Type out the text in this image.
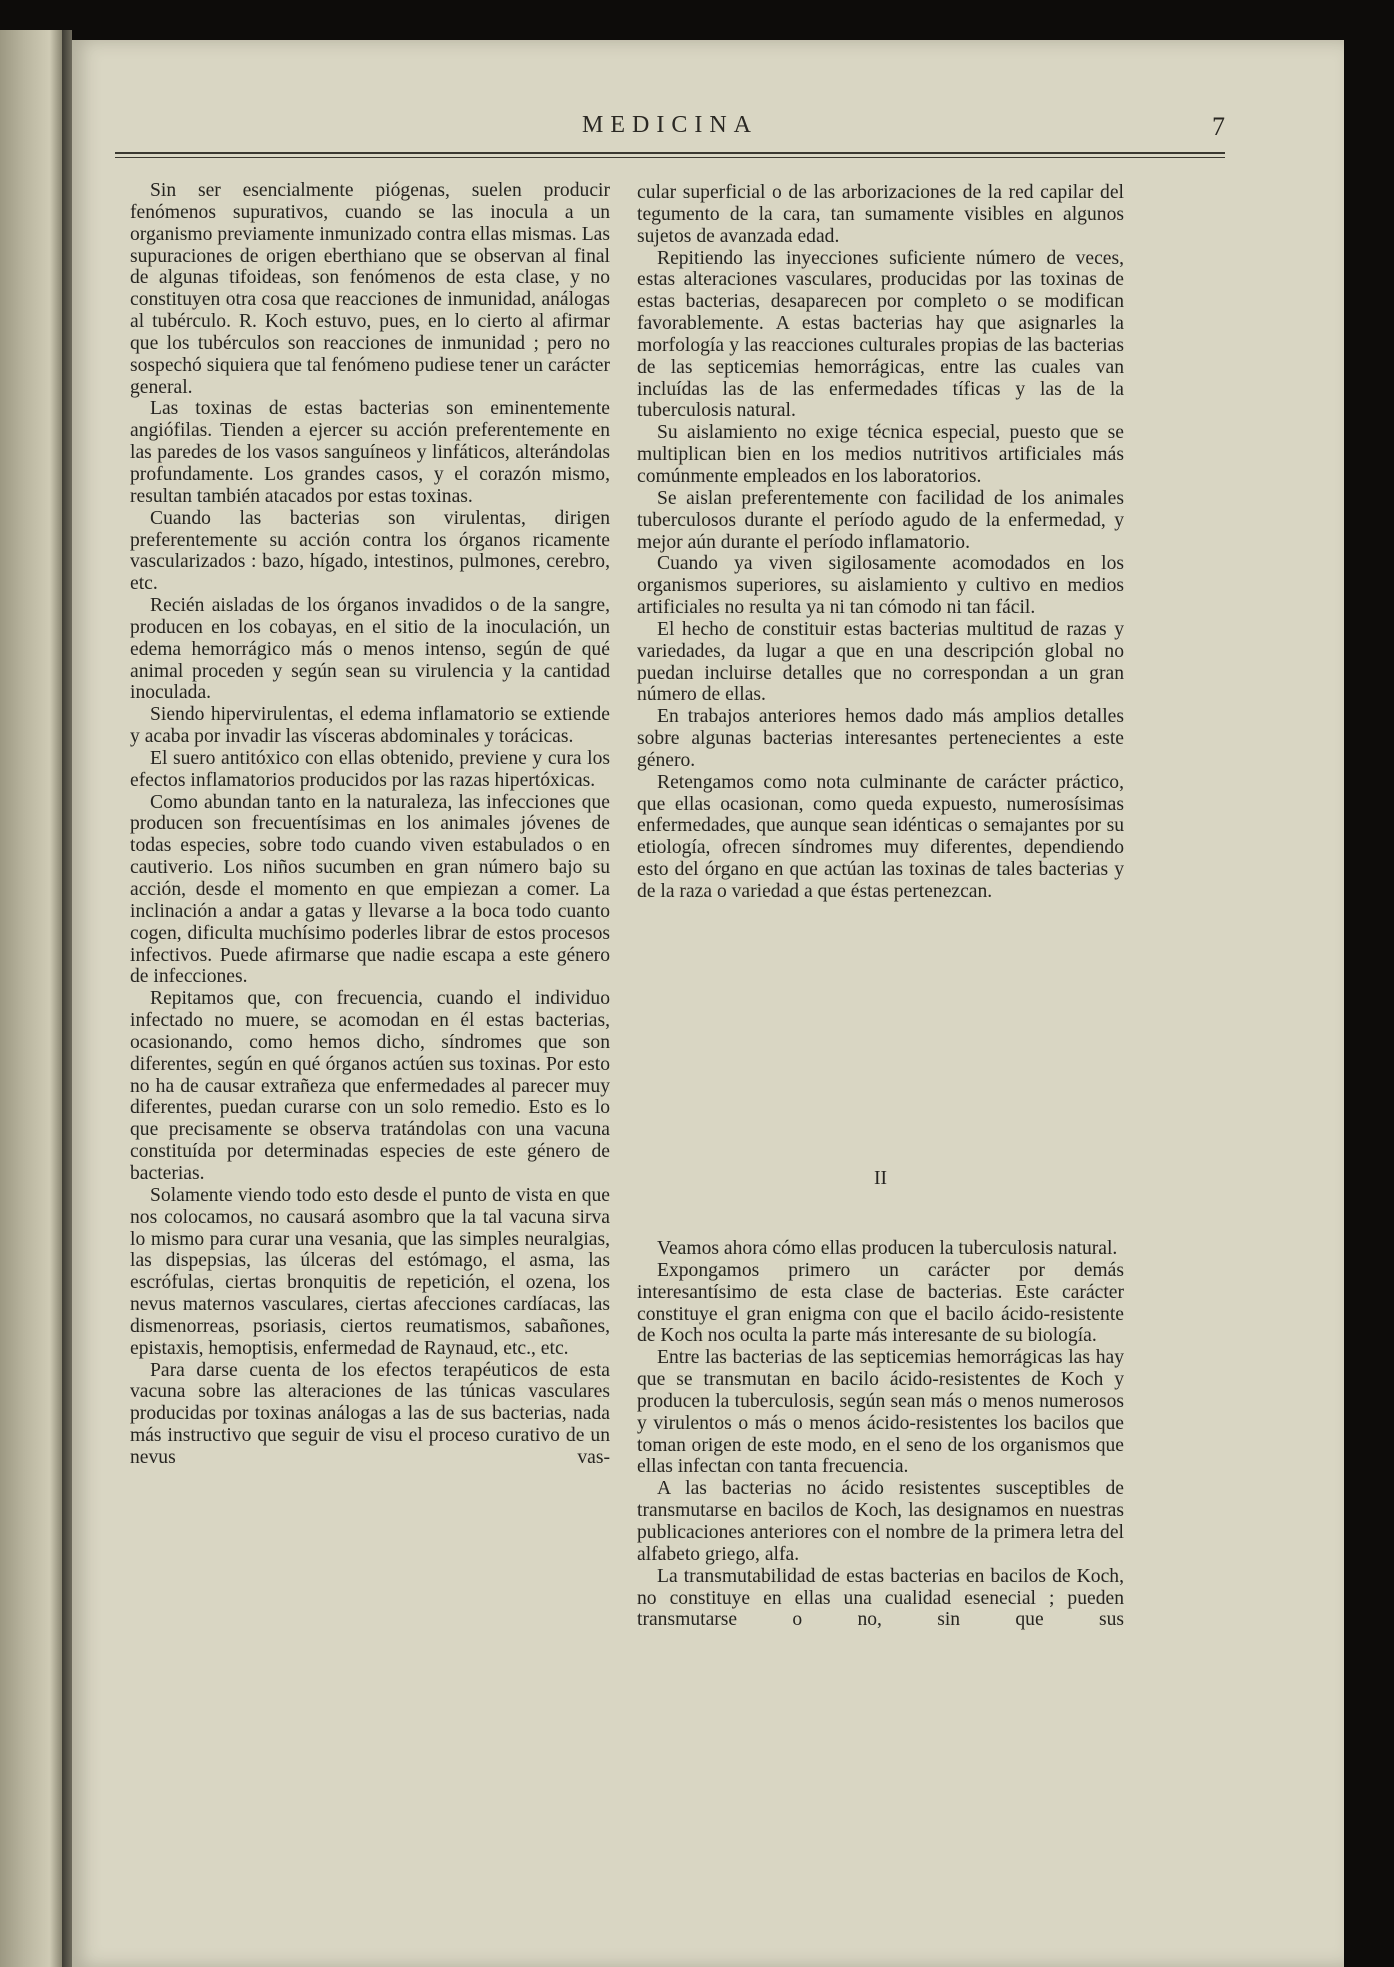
MEDICINA	7

Sin ser esencialmente piógenas, suelen producir fenómenos supurativos, cuando se las inocula a un organismo previamente inmunizado contra ellas mismas. Las supuraciones de origen eberthiano que se observan al final de algunas tifoideas, son fenómenos de esta clase, y no constituyen otra cosa que reacciones de inmunidad, análogas al tubérculo. R. Koch estuvo, pues, en lo cierto al afirmar que los tubérculos son reacciones de inmunidad ; pero no sospechó siquiera que tal fenómeno pudiese tener un carácter general.

Las toxinas de estas bacterias son eminentemente angiófilas. Tienden a ejercer su acción preferentemente en las paredes de los vasos sanguíneos y linfáticos, alterándolas profundamente. Los grandes casos, y el corazón mismo, resultan también atacados por estas toxinas.

Cuando las bacterias son virulentas, dirigen preferentemente su acción contra los órganos ricamente vascularizados : bazo, hígado, intestinos, pulmones, cerebro, etc.

Recién aisladas de los órganos invadidos o de la sangre, producen en los cobayas, en el sitio de la inoculación, un edema hemorrágico más o menos intenso, según de qué animal proceden y según sean su virulencia y la cantidad inoculada.

Siendo hipervirulentas, el edema inflamatorio se extiende y acaba por invadir las vísceras abdominales y torácicas.

El suero antitóxico con ellas obtenido, previene y cura los efectos inflamatorios producidos por las razas hipertóxicas.

Como abundan tanto en la naturaleza, las infecciones que producen son frecuentísimas en los animales jóvenes de todas especies, sobre todo cuando viven estabulados o en cautiverio. Los niños sucumben en gran número bajo su acción, desde el momento en que empiezan a comer. La inclinación a andar a gatas y llevarse a la boca todo cuanto cogen, dificulta muchísimo poderles librar de estos procesos infectivos. Puede afirmarse que nadie escapa a este género de infecciones.

Repitamos que, con frecuencia, cuando el individuo infectado no muere, se acomodan en él estas bacterias, ocasionando, como hemos dicho, síndromes que son diferentes, según en qué órganos actúen sus toxinas. Por esto no ha de causar extrañeza que enfermedades al parecer muy diferentes, puedan curarse con un solo remedio. Esto es lo que precisamente se observa tratándolas con una vacuna constituída por determinadas especies de este género de bacterias.

Solamente viendo todo esto desde el punto de vista en que nos colocamos, no causará asombro que la tal vacuna sirva lo mismo para curar una vesania, que las simples neuralgias, las dispepsias, las úlceras del estómago, el asma, las escrófulas, ciertas bronquitis de repetición, el ozena, los nevus maternos vasculares, ciertas afecciones cardíacas, las dismenorreas, psoriasis, ciertos reumatismos, sabañones, epistaxis, hemoptisis, enfermedad de Raynaud, etc., etc.

Para darse cuenta de los efectos terapéuticos de esta vacuna sobre las alteraciones de las túnicas vasculares producidas por toxinas análogas a las de sus bacterias, nada más instructivo que seguir de visu el proceso curativo de un nevus vas-

cular superficial o de las arborizaciones de la red capilar del tegumento de la cara, tan sumamente visibles en algunos sujetos de avanzada edad.

Repitiendo las inyecciones suficiente número de veces, estas alteraciones vasculares, producidas por las toxinas de estas bacterias, desaparecen por completo o se modifican favorablemente. A estas bacterias hay que asignarles la morfología y las reacciones culturales propias de las bacterias de las septicemias hemorrágicas, entre las cuales van incluídas las de las enfermedades tíficas y las de la tuberculosis natural.

Su aislamiento no exige técnica especial, puesto que se multiplican bien en los medios nutritivos artificiales más comúnmente empleados en los laboratorios.

Se aislan preferentemente con facilidad de los animales tuberculosos durante el período agudo de la enfermedad, y mejor aún durante el período inflamatorio.

Cuando ya viven sigilosamente acomodados en los organismos superiores, su aislamiento y cultivo en medios artificiales no resulta ya ni tan cómodo ni tan fácil.

El hecho de constituir estas bacterias multitud de razas y variedades, da lugar a que en una descripción global no puedan incluirse detalles que no correspondan a un gran número de ellas.

En trabajos anteriores hemos dado más amplios detalles sobre algunas bacterias interesantes pertenecientes a este género.

Retengamos como nota culminante de carácter práctico, que ellas ocasionan, como queda expuesto, numerosísimas enfermedades, que aunque sean idénticas o semajantes por su etiología, ofrecen síndromes muy diferentes, dependiendo esto del órgano en que actúan las toxinas de tales bacterias y de la raza o variedad a que éstas pertenezcan.

II

Veamos ahora cómo ellas producen la tuberculosis natural.

Expongamos primero un carácter por demás interesantísimo de esta clase de bacterias. Este carácter constituye el gran enigma con que el bacilo ácido-resistente de Koch nos oculta la parte más interesante de su biología.

Entre las bacterias de las septicemias hemorrágicas las hay que se transmutan en bacilo ácido-resistentes de Koch y producen la tuberculosis, según sean más o menos numerosos y virulentos o más o menos ácido-resistentes los bacilos que toman origen de este modo, en el seno de los organismos que ellas infectan con tanta frecuencia.

A las bacterias no ácido resistentes susceptibles de transmutarse en bacilos de Koch, las designamos en nuestras publicaciones anteriores con el nombre de la primera letra del alfabeto griego, alfa.

La transmutabilidad de estas bacterias en bacilos de Koch, no constituye en ellas una cualidad esenecial ; pueden transmutarse o no, sin que sus
